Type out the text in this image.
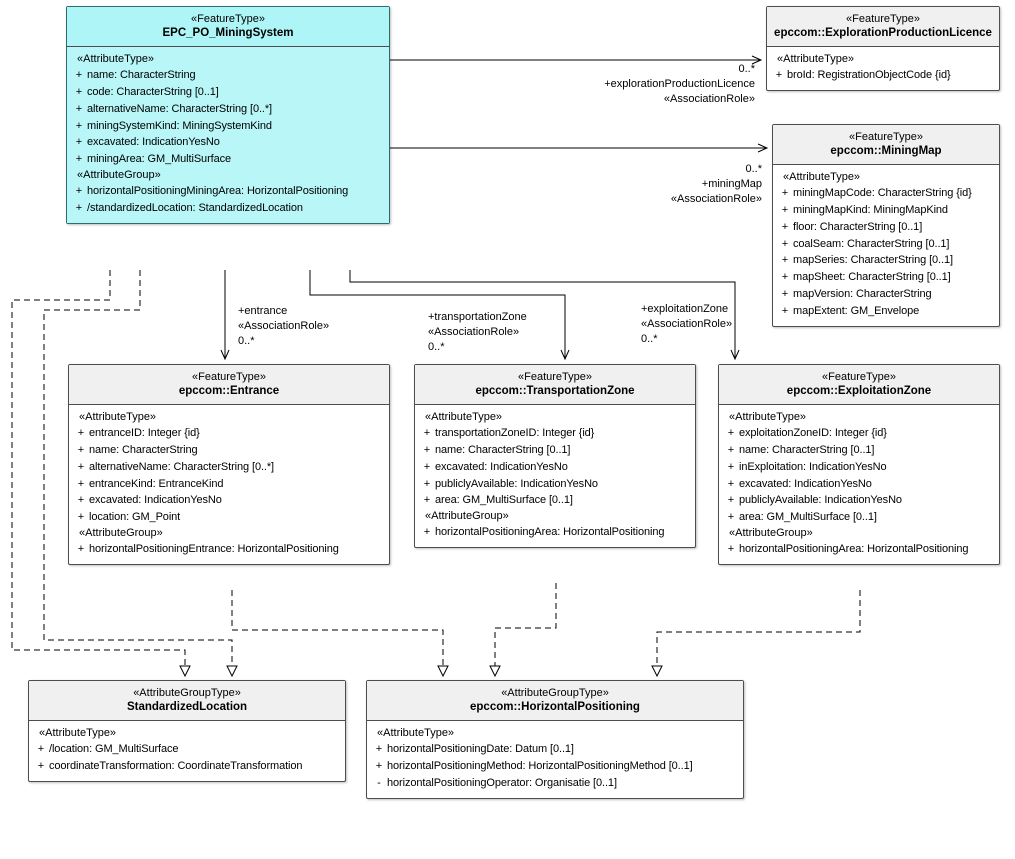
«FeatureType»
EPC_PO_MiningSystem
«AttributeType»
+ name: CharacterString
+ code: CharacterString [0..1]
+ alternativeName: CharacterString [0..*]
+ miningSystemKind: MiningSystemKind
+ excavated: IndicationYesNo
+ miningArea: GM_MultiSurface
«AttributeGroup»
+ horizontalPositioningMiningArea: HorizontalPositioning
+ /standardizedLocation: StandardizedLocation
«FeatureType»
epccom::ExplorationProductionLicence
«AttributeType»
+ broId: RegistrationObjectCode {id}
«FeatureType»
epccom::MiningMap
«AttributeType»
+ miningMapCode: CharacterString {id}
+ miningMapKind: MiningMapKind
+ floor: CharacterString [0..1]
+ coalSeam: CharacterString [0..1]
+ mapSeries: CharacterString [0..1]
+ mapSheet: CharacterString [0..1]
+ mapVersion: CharacterString
+ mapExtent: GM_Envelope
«FeatureType»
epccom::Entrance
«AttributeType»
+ entranceID: Integer {id}
+ name: CharacterString
+ alternativeName: CharacterString [0..*]
+ entranceKind: EntranceKind
+ excavated: IndicationYesNo
+ location: GM_Point
«AttributeGroup»
+ horizontalPositioningEntrance: HorizontalPositioning
«FeatureType»
epccom::TransportationZone
«AttributeType»
+ transportationZoneID: Integer {id}
+ name: CharacterString [0..1]
+ excavated: IndicationYesNo
+ publiclyAvailable: IndicationYesNo
+ area: GM_MultiSurface [0..1]
«AttributeGroup»
+ horizontalPositioningArea: HorizontalPositioning
«FeatureType»
epccom::ExploitationZone
«AttributeType»
+ exploitationZoneID: Integer {id}
+ name: CharacterString [0..1]
+ inExploitation: IndicationYesNo
+ excavated: IndicationYesNo
+ publiclyAvailable: IndicationYesNo
+ area: GM_MultiSurface [0..1]
«AttributeGroup»
+ horizontalPositioningArea: HorizontalPositioning
«AttributeGroupType»
StandardizedLocation
«AttributeType»
+ /location: GM_MultiSurface
+ coordinateTransformation: CoordinateTransformation
«AttributeGroupType»
epccom::HorizontalPositioning
«AttributeType»
+ horizontalPositioningDate: Datum [0..1]
+ horizontalPositioningMethod: HorizontalPositioningMethod [0..1]
- horizontalPositioningOperator: Organisatie [0..1]
0..*
+explorationProductionLicence
«AssociationRole»
0..*
+miningMap
«AssociationRole»
+entrance
«AssociationRole»
0..*
+transportationZone
«AssociationRole»
0..*
+exploitationZone
«AssociationRole»
0..*
